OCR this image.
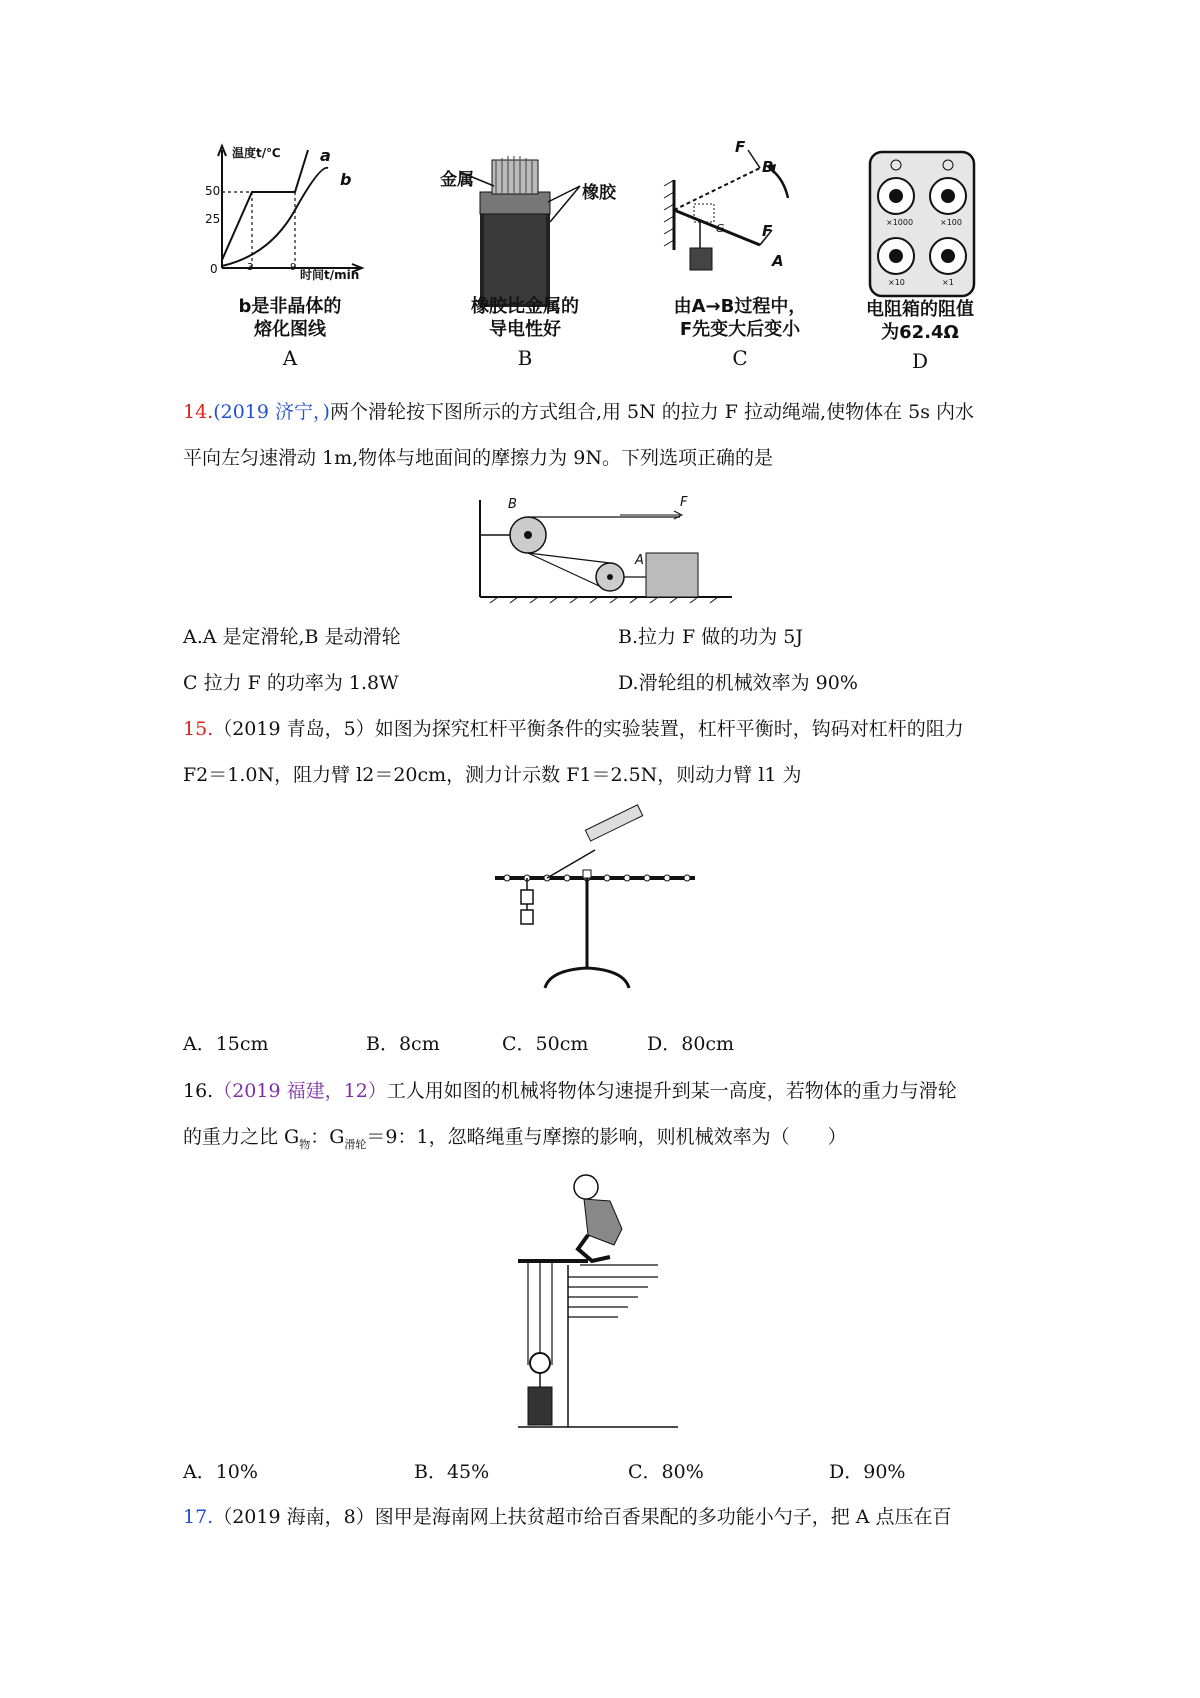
温度t/℃
50
25
0	3	9
时间t/min
a
b
b是非晶体的
熔化图线
A
金属
橡胶
橡胶比金属的
导电性好
B
F
B
F
A
G
由A→B过程中，
F先变大后变小
C
×1000	×100
×10	×1
电阻箱的阻值
为62.4Ω
D
14.(2019 济宁，)两个滑轮按下图所示的方式组合,用 5N 的拉力 F 拉动绳端,使物体在 5s 内水
平向左匀速滑动 1m,物体与地面间的摩擦力为 9N。下列选项正确的是
B
A
F
A.A 是定滑轮,B 是动滑轮	B.拉力 F 做的功为 5J
C 拉力 F 的功率为 1.8W	D.滑轮组的机械效率为 90%
15.（2019 青岛，5）如图为探究杠杆平衡条件的实验装置，杠杆平衡时，钩码对杠杆的阻力
F2＝1.0N，阻力臂 l2＝20cm，测力计示数 F1＝2.5N，则动力臂 l1 为
A．15cm	B．8cm	C．50cm	D．80cm
16.（2019 福建，12）工人用如图的机械将物体匀速提升到某一高度，若物体的重力与滑轮
的重力之比 $G_物$：$G_{滑轮}=9$：1，忽略绳重与摩擦的影响，则机械效率为（　　）
A．10%	B．45%	C．80%	D．90%
17.（2019 海南，8）图甲是海南网上扶贫超市给百香果配的多功能小勺子，把 A 点压在百
